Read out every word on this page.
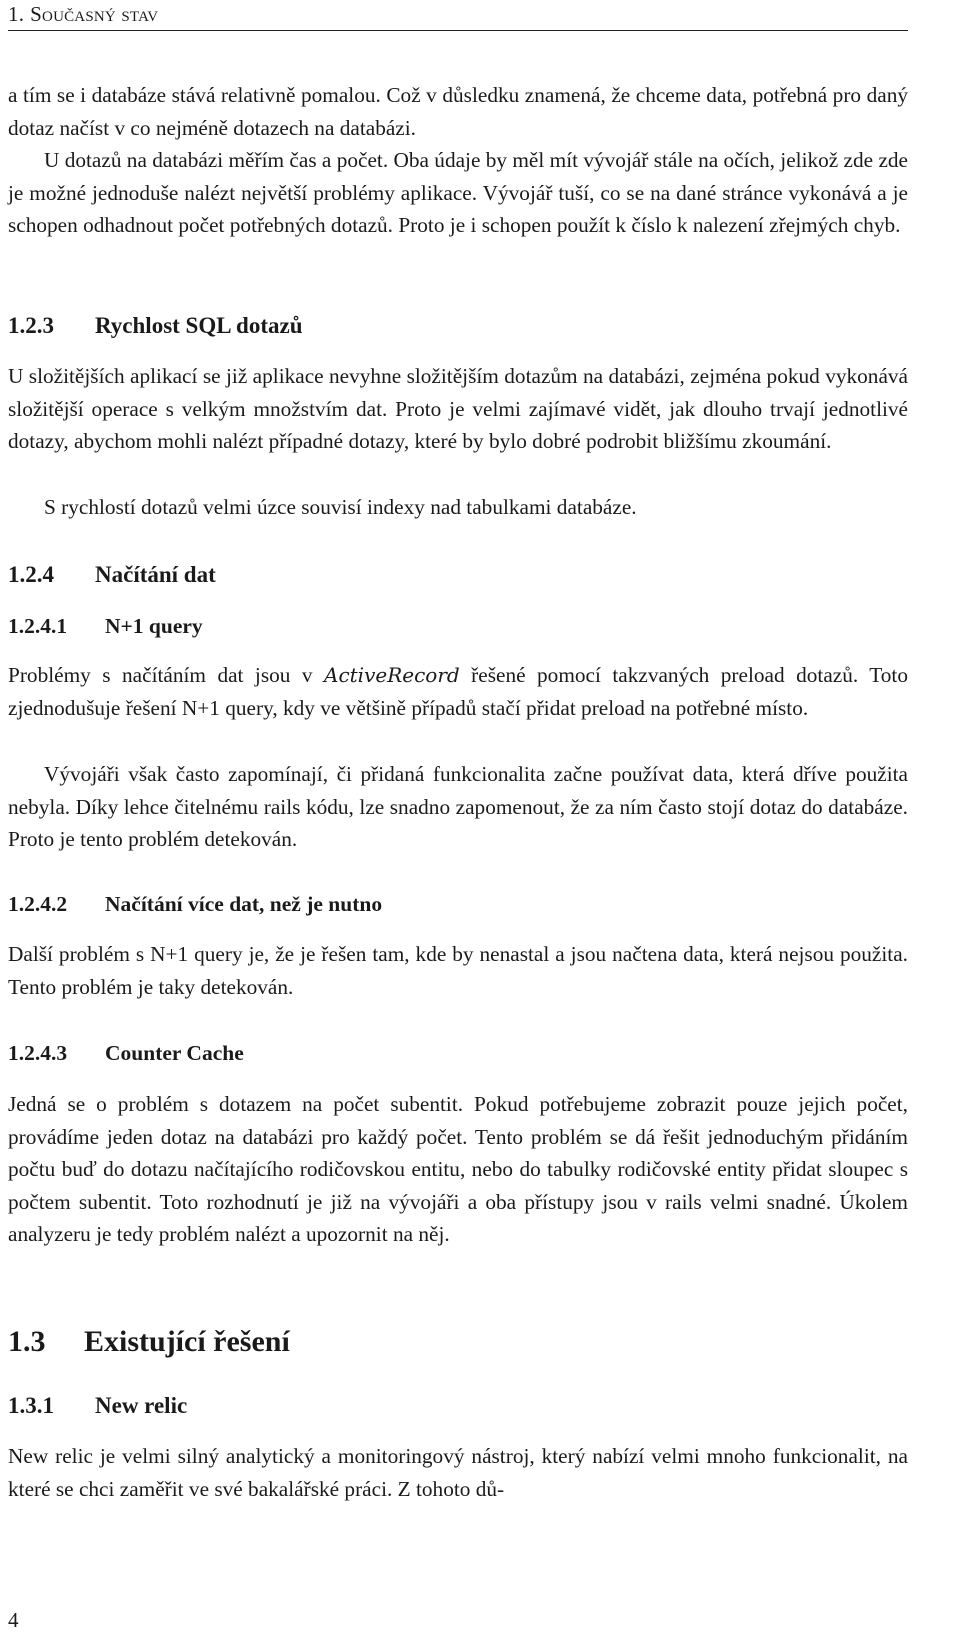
1. Současný stav

a tím se i databáze stává relativně pomalou. Což v důsledku znamená, že chceme data, potřebná pro daný dotaz načíst v co nejméně dotazech na databázi.

U dotazů na databázi měřím čas a počet. Oba údaje by měl mít vývojář stále na očích, jelikož zde zde je možné jednoduše nalézt největší problémy aplikace. Vývojář tuší, co se na dané stránce vykonává a je schopen odhadnout počet potřebných dotazů. Proto je i schopen použít k číslo k nalezení zřejmých chyb.

1.2.3 Rychlost SQL dotazů

U složitějších aplikací se již aplikace nevyhne složitějším dotazům na databázi, zejména pokud vykonává složitější operace s velkým množstvím dat. Proto je velmi zajímavé vidět, jak dlouho trvají jednotlivé dotazy, abychom mohli nalézt případné dotazy, které by bylo dobré podrobit bližšímu zkoumání.

S rychlostí dotazů velmi úzce souvisí indexy nad tabulkami databáze.

1.2.4 Načítání dat
1.2.4.1 N+1 query

Problémy s načítáním dat jsou v ActiveRecord řešené pomocí takzvaných preload dotazů. Toto zjednodušuje řešení N+1 query, kdy ve většině případů stačí přidat preload na potřebné místo.

Vývojáři však často zapomínají, či přidaná funkcionalita začne používat data, která dříve použita nebyla. Díky lehce čitelnému rails kódu, lze snadno zapomenout, že za ním často stojí dotaz do databáze. Proto je tento problém detekován.

1.2.4.2 Načítání více dat, než je nutno

Další problém s N+1 query je, že je řešen tam, kde by nenastal a jsou načtena data, která nejsou použita. Tento problém je taky detekován.

1.2.4.3 Counter Cache

Jedná se o problém s dotazem na počet subentit. Pokud potřebujeme zobrazit pouze jejich počet, provádíme jeden dotaz na databázi pro každý počet. Tento problém se dá řešit jednoduchým přidáním počtu buď do dotazu načítajícího rodičovskou entitu, nebo do tabulky rodičovské entity přidat sloupec s počtem subentit. Toto rozhodnutí je již na vývojáři a oba přístupy jsou v rails velmi snadné. Úkolem analyzeru je tedy problém nalézt a upozornit na něj.

1.3 Existující řešení
1.3.1 New relic

New relic je velmi silný analytický a monitoringový nástroj, který nabízí velmi mnoho funkcionalit, na které se chci zaměřit ve své bakalářské práci. Z tohoto dů-

4
